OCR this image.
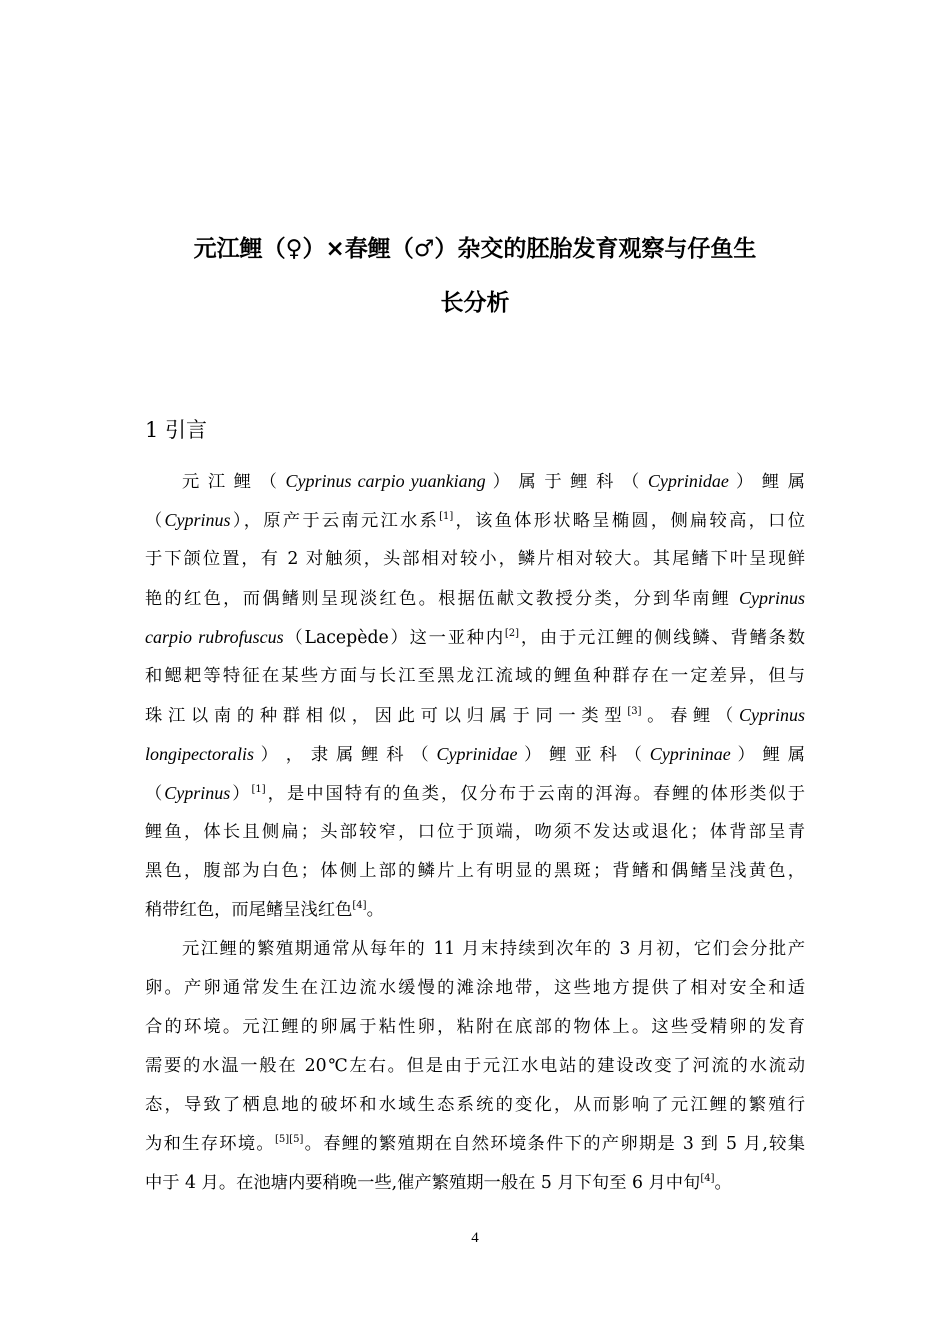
元江鲤（♀）×春鲤（♂）杂交的胚胎发育观察与仔鱼生
长分析
1 引言
元 江 鲤 （ Cyprinus carpio yuankiang ） 属 于 鲤 科 （ Cyprinidae ） 鲤 属
（Cyprinus），原产于云南元江水系[1]，该鱼体形状略呈椭圆，侧扁较高，口位
于下颌位置，有 2 对触须，头部相对较小，鳞片相对较大。其尾鳍下叶呈现鲜
艳的红色，而偶鳍则呈现淡红色。根据伍献文教授分类，分到华南鲤 Cyprinus
carpio rubrofuscus（Lacepède）这一亚种内[2]，由于元江鲤的侧线鳞、背鳍条数
和鳃耙等特征在某些方面与长江至黑龙江流域的鲤鱼种群存在一定差异，但与
珠 江 以 南 的 种 群 相 似 ， 因 此 可 以 归 属 于 同 一 类 型 [3] 。 春 鲤 （ Cyprinus
longipectoralis ） ， 隶 属 鲤 科 （ Cyprinidae ） 鲤 亚 科 （ Cyprininae ） 鲤 属
（Cyprinus）[1]，是中国特有的鱼类，仅分布于云南的洱海。春鲤的体形类似于
鲤鱼，体长且侧扁；头部较窄，口位于顶端，吻须不发达或退化；体背部呈青
黑色，腹部为白色；体侧上部的鳞片上有明显的黑斑；背鳍和偶鳍呈浅黄色，
稍带红色，而尾鳍呈浅红色[4]。
元江鲤的繁殖期通常从每年的 11 月末持续到次年的 3 月初，它们会分批产
卵。产卵通常发生在江边流水缓慢的滩涂地带，这些地方提供了相对安全和适
合的环境。元江鲤的卵属于粘性卵，粘附在底部的物体上。这些受精卵的发育
需要的水温一般在 20℃左右。但是由于元江水电站的建设改变了河流的水流动
态，导致了栖息地的破坏和水域生态系统的变化，从而影响了元江鲤的繁殖行
为和生存环境。[5][5]。春鲤的繁殖期在自然环境条件下的产卵期是 3 到 5 月,较集
中于 4 月。在池塘内要稍晚一些,催产繁殖期一般在 5 月下旬至 6 月中旬[4]。
4
